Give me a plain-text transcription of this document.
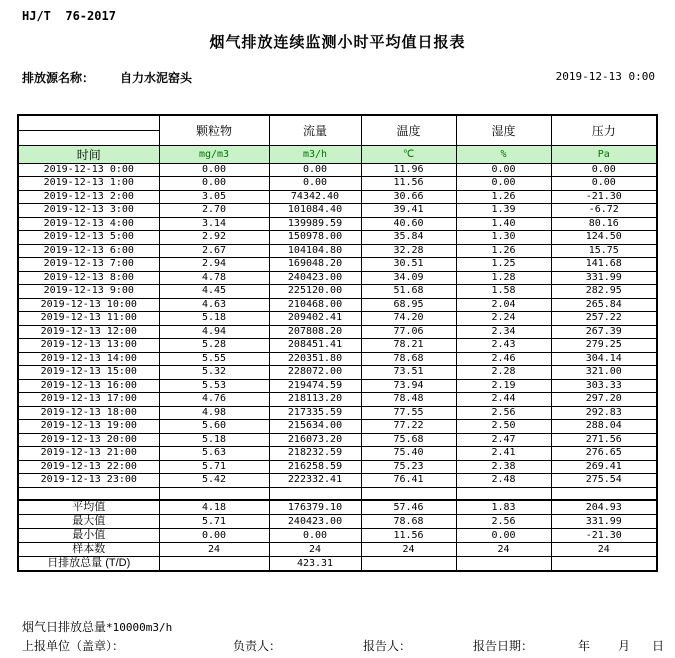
HJ/T  76-2017
烟气排放连续监测小时平均值日报表
排放源名称： 自力水泥窑头	2019-12-13 0:00
	颗粒物	流量	温度	湿度	压力
时间	mg/m3	m3/h	℃	%	Pa
2019-12-13 0:00	0.00	0.00	11.96	0.00	0.00
2019-12-13 1:00	0.00	0.00	11.56	0.00	0.00
2019-12-13 2:00	3.05	74342.40	30.66	1.26	-21.30
2019-12-13 3:00	2.70	101084.40	39.41	1.39	-6.72
2019-12-13 4:00	3.14	139989.59	40.60	1.40	80.16
2019-12-13 5:00	2.92	150978.00	35.84	1.30	124.50
2019-12-13 6:00	2.67	104104.80	32.28	1.26	15.75
2019-12-13 7:00	2.94	169048.20	30.51	1.25	141.68
2019-12-13 8:00	4.78	240423.00	34.09	1.28	331.99
2019-12-13 9:00	4.45	225120.00	51.68	1.58	282.95
2019-12-13 10:00	4.63	210468.00	68.95	2.04	265.84
2019-12-13 11:00	5.18	209402.41	74.20	2.24	257.22
2019-12-13 12:00	4.94	207808.20	77.06	2.34	267.39
2019-12-13 13:00	5.28	208451.41	78.21	2.43	279.25
2019-12-13 14:00	5.55	220351.80	78.68	2.46	304.14
2019-12-13 15:00	5.32	228072.00	73.51	2.28	321.00
2019-12-13 16:00	5.53	219474.59	73.94	2.19	303.33
2019-12-13 17:00	4.76	218113.20	78.48	2.44	297.20
2019-12-13 18:00	4.98	217335.59	77.55	2.56	292.83
2019-12-13 19:00	5.60	215634.00	77.22	2.50	288.04
2019-12-13 20:00	5.18	216073.20	75.68	2.47	271.56
2019-12-13 21:00	5.63	218232.59	75.40	2.41	276.65
2019-12-13 22:00	5.71	216258.59	75.23	2.38	269.41
2019-12-13 23:00	5.42	222332.41	76.41	2.48	275.54

平均值	4.18	176379.10	57.46	1.83	204.93
最大值	5.71	240423.00	78.68	2.56	331.99
最小值	0.00	0.00	11.56	0.00	-21.30
样本数	24	24	24	24	24
日排放总量 (T/D)		423.31			
烟气日排放总量*10000m3/h
上报单位（盖章）：	负责人：	报告人：	报告日期：	年 月 日
